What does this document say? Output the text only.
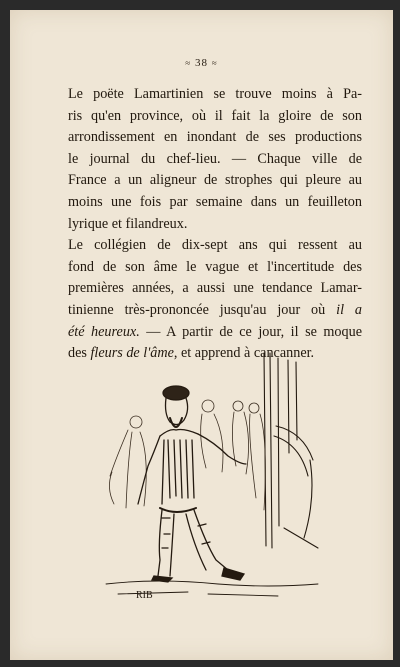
≈ 38 ≈

Le poëte Lamartinien se trouve moins à Pa-
ris qu'en province, où il fait la gloire de son
arrondissement en inondant de ses productions
le journal du chef-lieu. — Chaque ville de
France a un aligneur de strophes qui pleure au
moins une fois par semaine dans un feuilleton
lyrique et filandreux.

Le collégien de dix-sept ans qui ressent au
fond de son âme le vague et l'incertitude des
premières années, a aussi une tendance Lamar-
tinienne très-prononcée jusqu'au jour où il a
été heureux. — A partir de ce jour, il se moque
des fleurs de l'âme, et apprend à cancanner.

RIB
